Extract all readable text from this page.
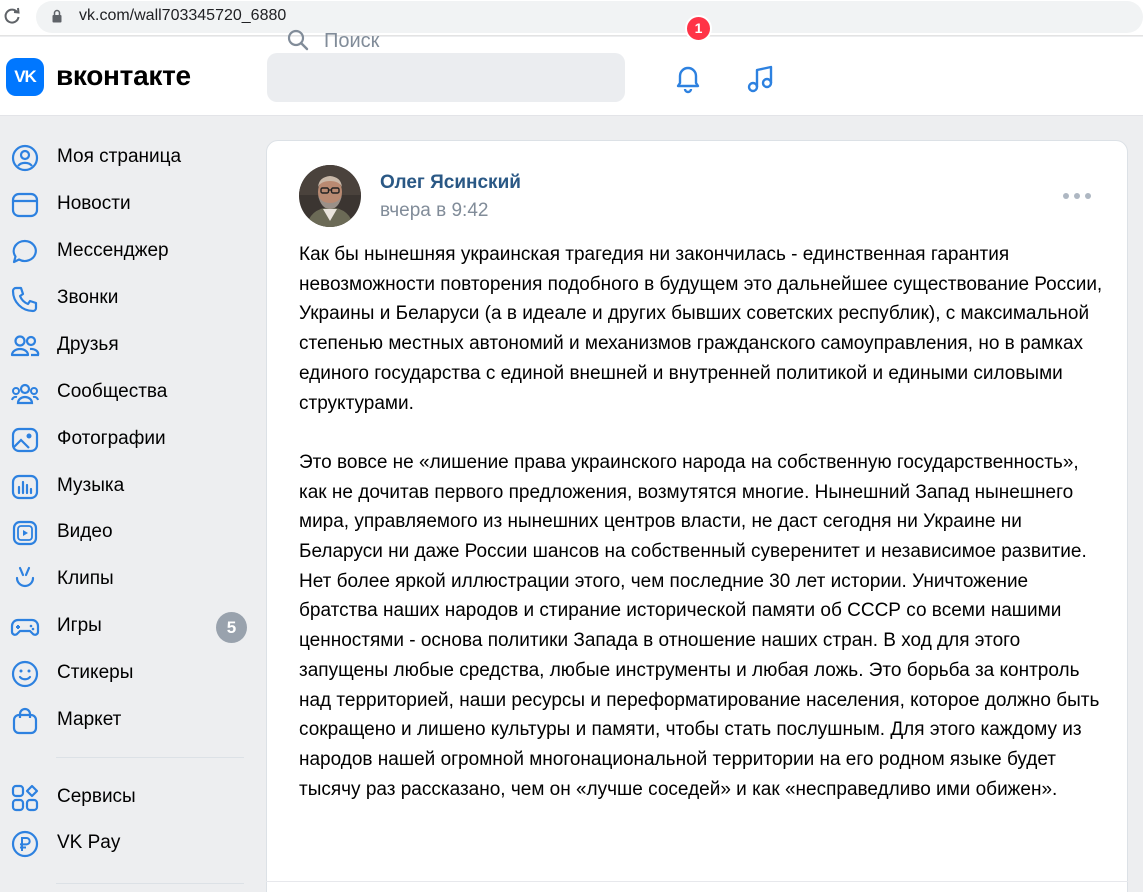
vk.com/wall703345720_6880
VK вконтакте
Поиск
1
Моя страница
Новости
Мессенджер
Звонки
Друзья
Сообщества
Фотографии
Музыка
Видео
Клипы
Игры	5
Стикеры
Маркет
Сервисы
VK Pay
Олег Ясинский
вчера в 9:42

Как бы нынешняя украинская трагедия ни закончилась - единственная гарантия невозможности повторения подобного в будущем это дальнейшее существование России, Украины и Беларуси (а в идеале и других бывших советских республик), с максимальной степенью местных автономий и механизмов гражданского самоуправления, но в рамках единого государства с единой внешней и внутренней политикой и едиными силовыми структурами.

Это вовсе не «лишение права украинского народа на собственную государственность», как не дочитав первого предложения, возмутятся многие. Нынешний Запад нынешнего мира, управляемого из нынешних центров власти, не даст сегодня ни Украине ни Беларуси ни даже России шансов на собственный суверенитет и независимое развитие. Нет более яркой иллюстрации этого, чем последние 30 лет истории. Уничтожение братства наших народов и стирание исторической памяти об СССР со всеми нашими ценностями - основа политики Запада в отношение наших стран. В ход для этого запущены любые средства, любые инструменты и любая ложь. Это борьба за контроль над территорией, наши ресурсы и переформатирование населения, которое должно быть сокращено и лишено культуры и памяти, чтобы стать послушным. Для этого каждому из народов нашей огромной многонациональной территории на его родном языке будет тысячу раз рассказано, чем он «лучше соседей» и как «несправедливо ими обижен».
